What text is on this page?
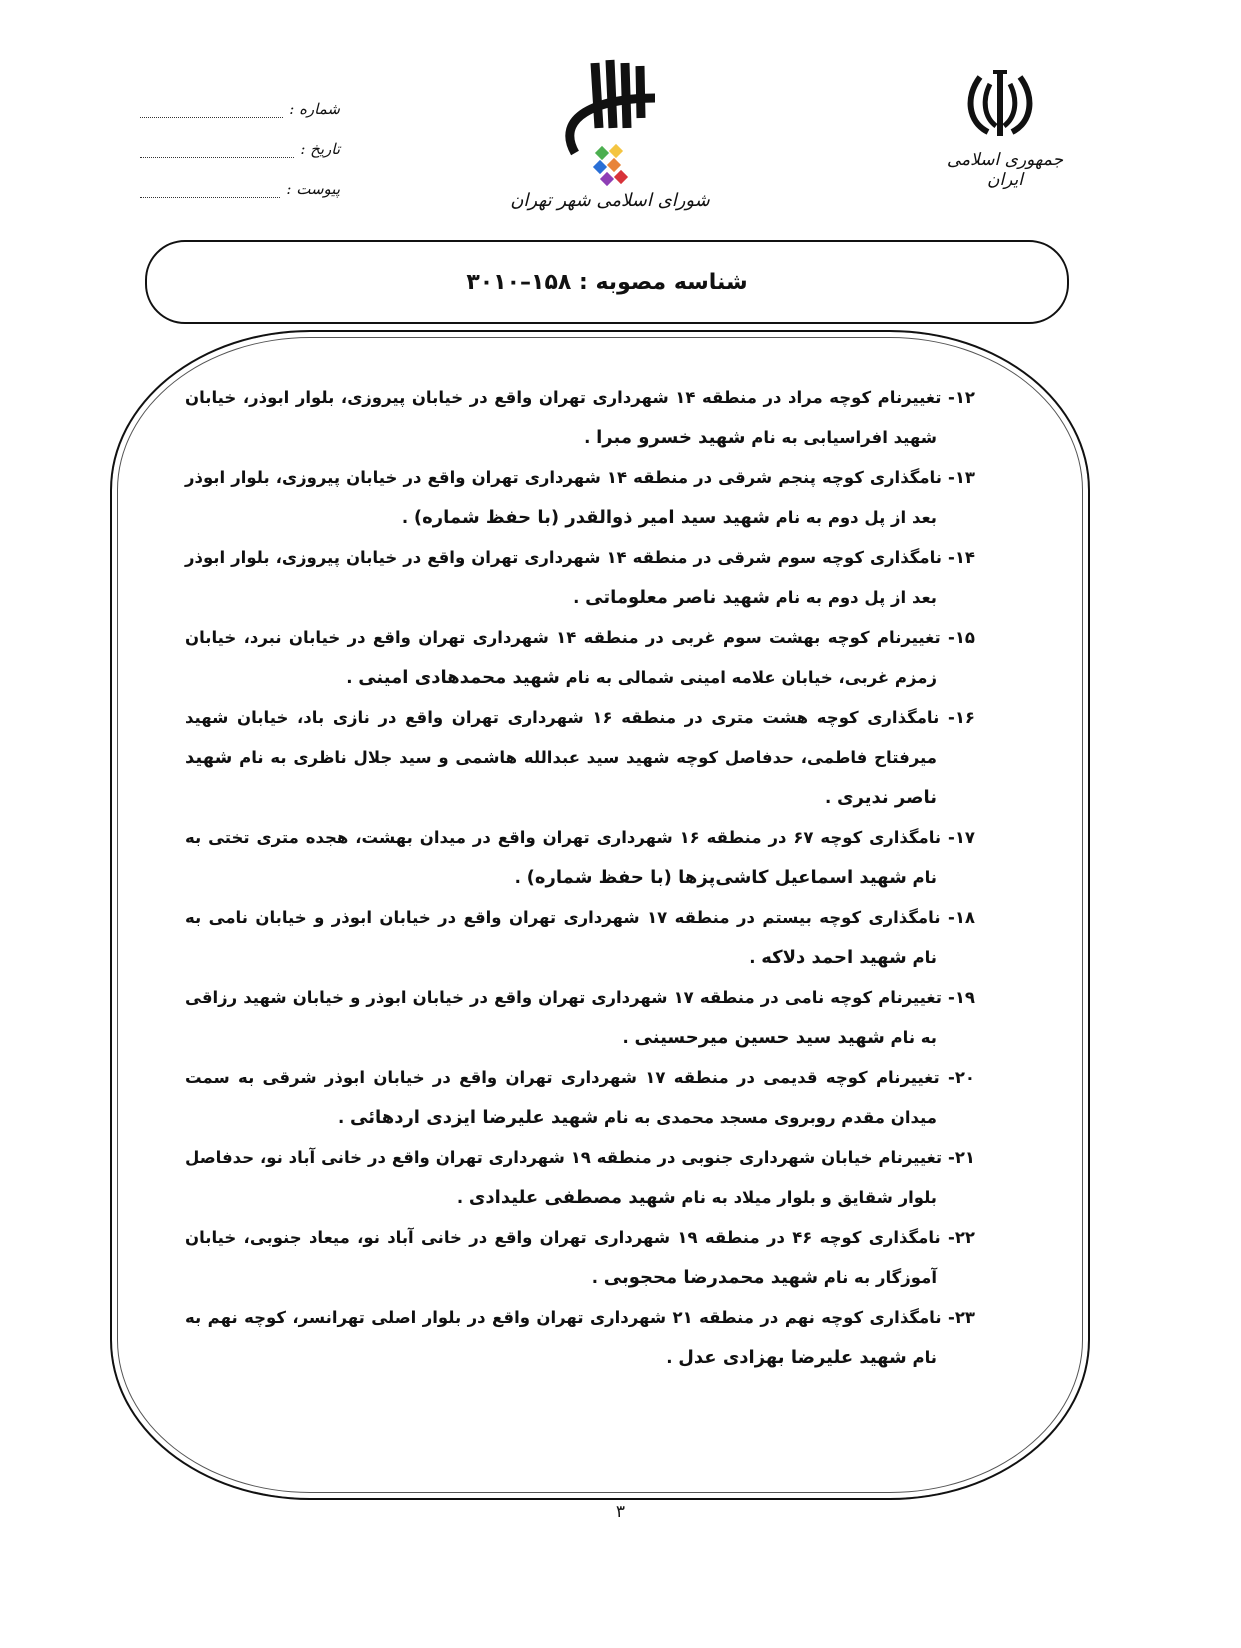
جمهوری اسلامی ایران
شورای اسلامی شهر تهران
شماره :
تاریخ :
پیوست :
شناسه مصوبه : ۱۵۸–۳۰۱۰
۱۲- تغییرنام کوچه مراد در منطقه ۱۴ شهرداری تهران واقع در خیابان پیروزی، بلوار ابوذر، خیابان شهید افراسیابی به نام شهید خسرو مبرا .
۱۳- نامگذاری کوچه پنجم شرقی در منطقه ۱۴ شهرداری تهران واقع در خیابان پیروزی، بلوار ابوذر بعد از پل دوم به نام شهید سید امیر ذوالقدر (با حفظ شماره) .
۱۴- نامگذاری کوچه سوم شرقی در منطقه ۱۴ شهرداری تهران واقع در خیابان پیروزی، بلوار ابوذر بعد از پل دوم به نام شهید ناصر معلوماتی .
۱۵- تغییرنام کوچه بهشت سوم غربی در منطقه ۱۴ شهرداری تهران واقع در خیابان نبرد، خیابان زمزم غربی، خیابان علامه امینی شمالی به نام شهید محمدهادی امینی .
۱۶- نامگذاری کوچه هشت متری در منطقه ۱۶ شهرداری تهران واقع در نازی باد، خیابان شهید میرفتاح فاطمی، حدفاصل کوچه شهید سید عبدالله هاشمی و سید جلال ناظری به نام شهید ناصر ندیری .
۱۷- نامگذاری کوچه ۶۷ در منطقه ۱۶ شهرداری تهران واقع در میدان بهشت، هجده متری تختی به نام شهید اسماعیل کاشی‌پزها (با حفظ شماره) .
۱۸- نامگذاری کوچه بیستم در منطقه ۱۷ شهرداری تهران واقع در خیابان ابوذر و خیابان نامی به نام شهید احمد دلاکه .
۱۹- تغییرنام کوچه نامی در منطقه ۱۷ شهرداری تهران واقع در خیابان ابوذر و خیابان شهید رزاقی به نام شهید سید حسین میرحسینی .
۲۰- تغییرنام کوچه قدیمی در منطقه ۱۷ شهرداری تهران واقع در خیابان ابوذر شرقی به سمت میدان مقدم روبروی مسجد محمدی به نام شهید علیرضا ایزدی اردهائی .
۲۱- تغییرنام خیابان شهرداری جنوبی در منطقه ۱۹ شهرداری تهران واقع در خانی آباد نو، حدفاصل بلوار شقایق و بلوار میلاد به نام شهید مصطفی علیدادی .
۲۲- نامگذاری کوچه ۴۶ در منطقه ۱۹ شهرداری تهران واقع در خانی آباد نو، میعاد جنوبی، خیابان آموزگار به نام شهید محمدرضا محجوبی .
۲۳- نامگذاری کوچه نهم در منطقه ۲۱ شهرداری تهران واقع در بلوار اصلی تهرانسر، کوچه نهم به نام شهید علیرضا بهزادی عدل .
۳
